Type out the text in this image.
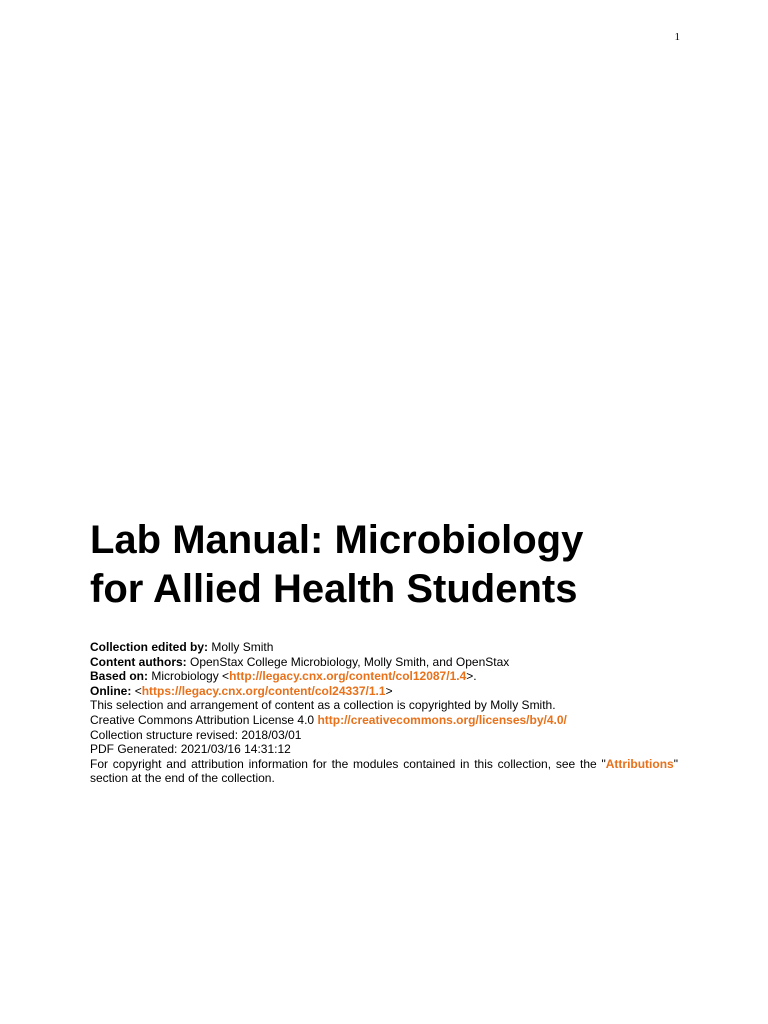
1
Lab Manual: Microbiology
for Allied Health Students
Collection edited by: Molly Smith
Content authors: OpenStax College Microbiology, Molly Smith, and OpenStax
Based on: Microbiology <http://legacy.cnx.org/content/col12087/1.4>.
Online: <https://legacy.cnx.org/content/col24337/1.1>
This selection and arrangement of content as a collection is copyrighted by Molly Smith.
Creative Commons Attribution License 4.0 http://creativecommons.org/licenses/by/4.0/
Collection structure revised: 2018/03/01
PDF Generated: 2021/03/16 14:31:12
For copyright and attribution information for the modules contained in this collection, see the "Attributions" section at the end of the collection.
